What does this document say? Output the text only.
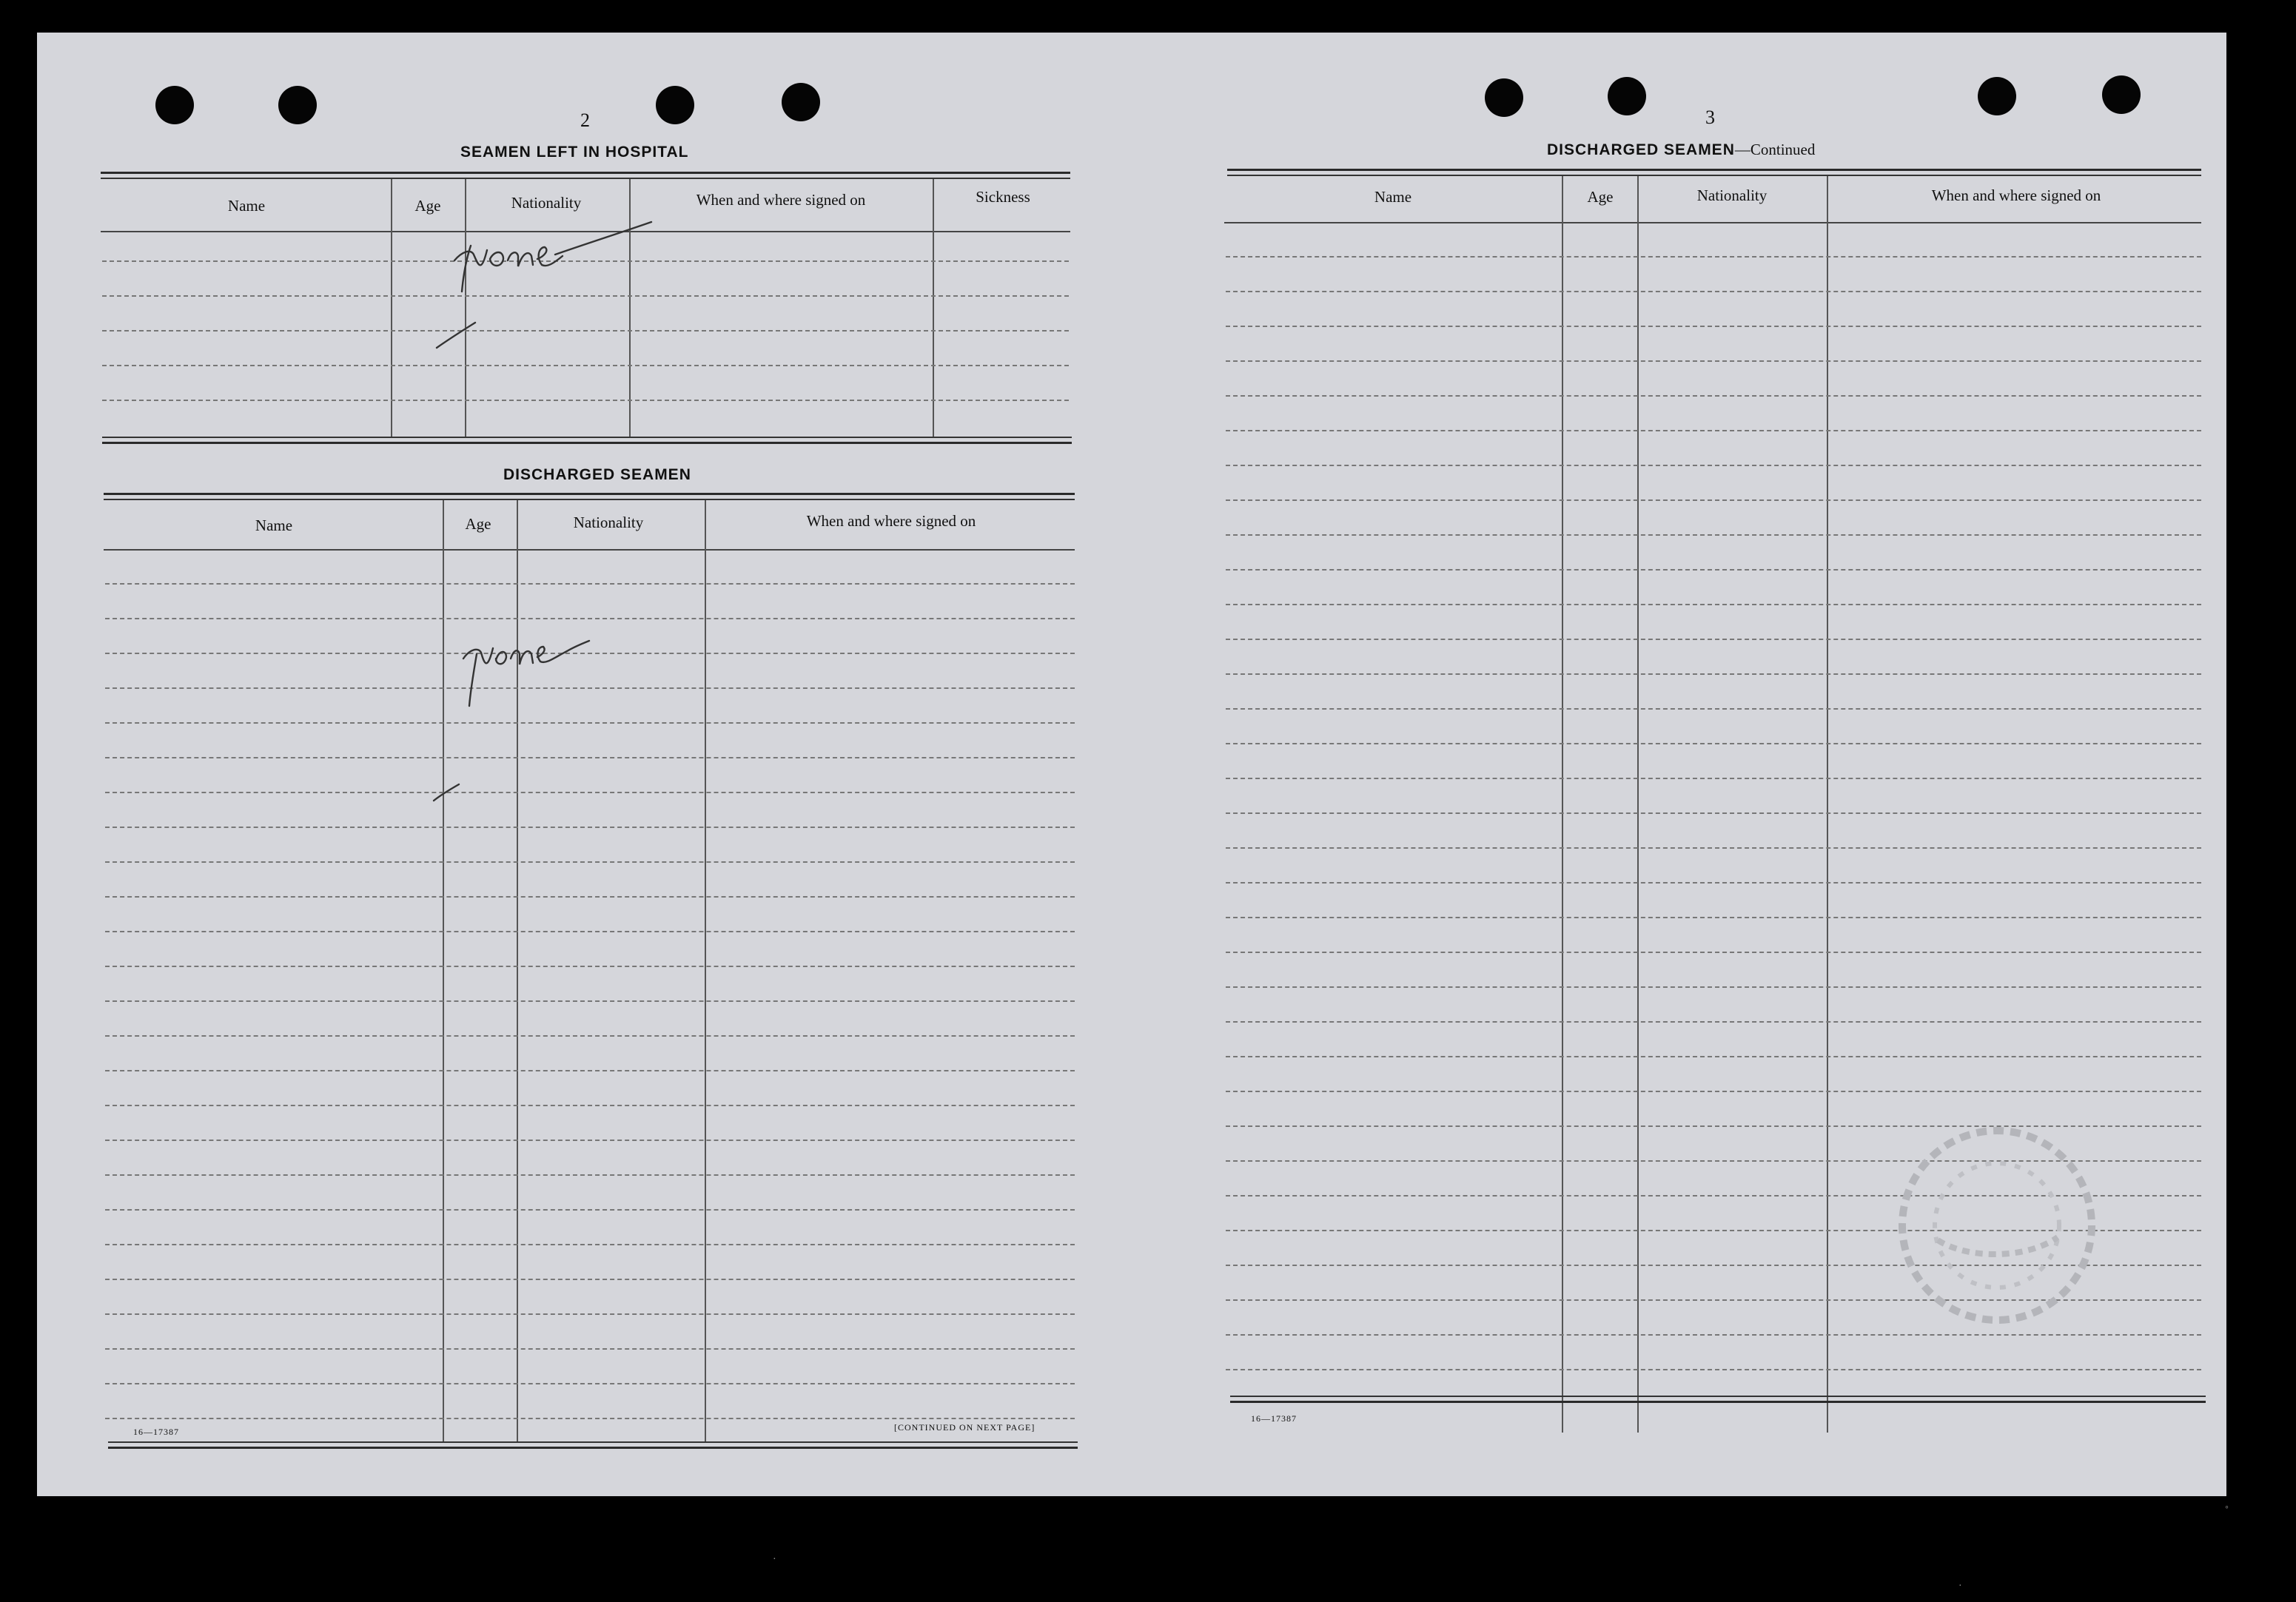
2
SEAMEN LEFT IN HOSPITAL
Name	Age	Nationality	When and where signed on	Sickness
DISCHARGED SEAMEN
Name	Age	Nationality	When and where signed on
16—17387	[CONTINUED ON NEXT PAGE]
3
DISCHARGED SEAMEN—Continued
Name	Age	Nationality	When and where signed on
16—17387
◦
·
·
